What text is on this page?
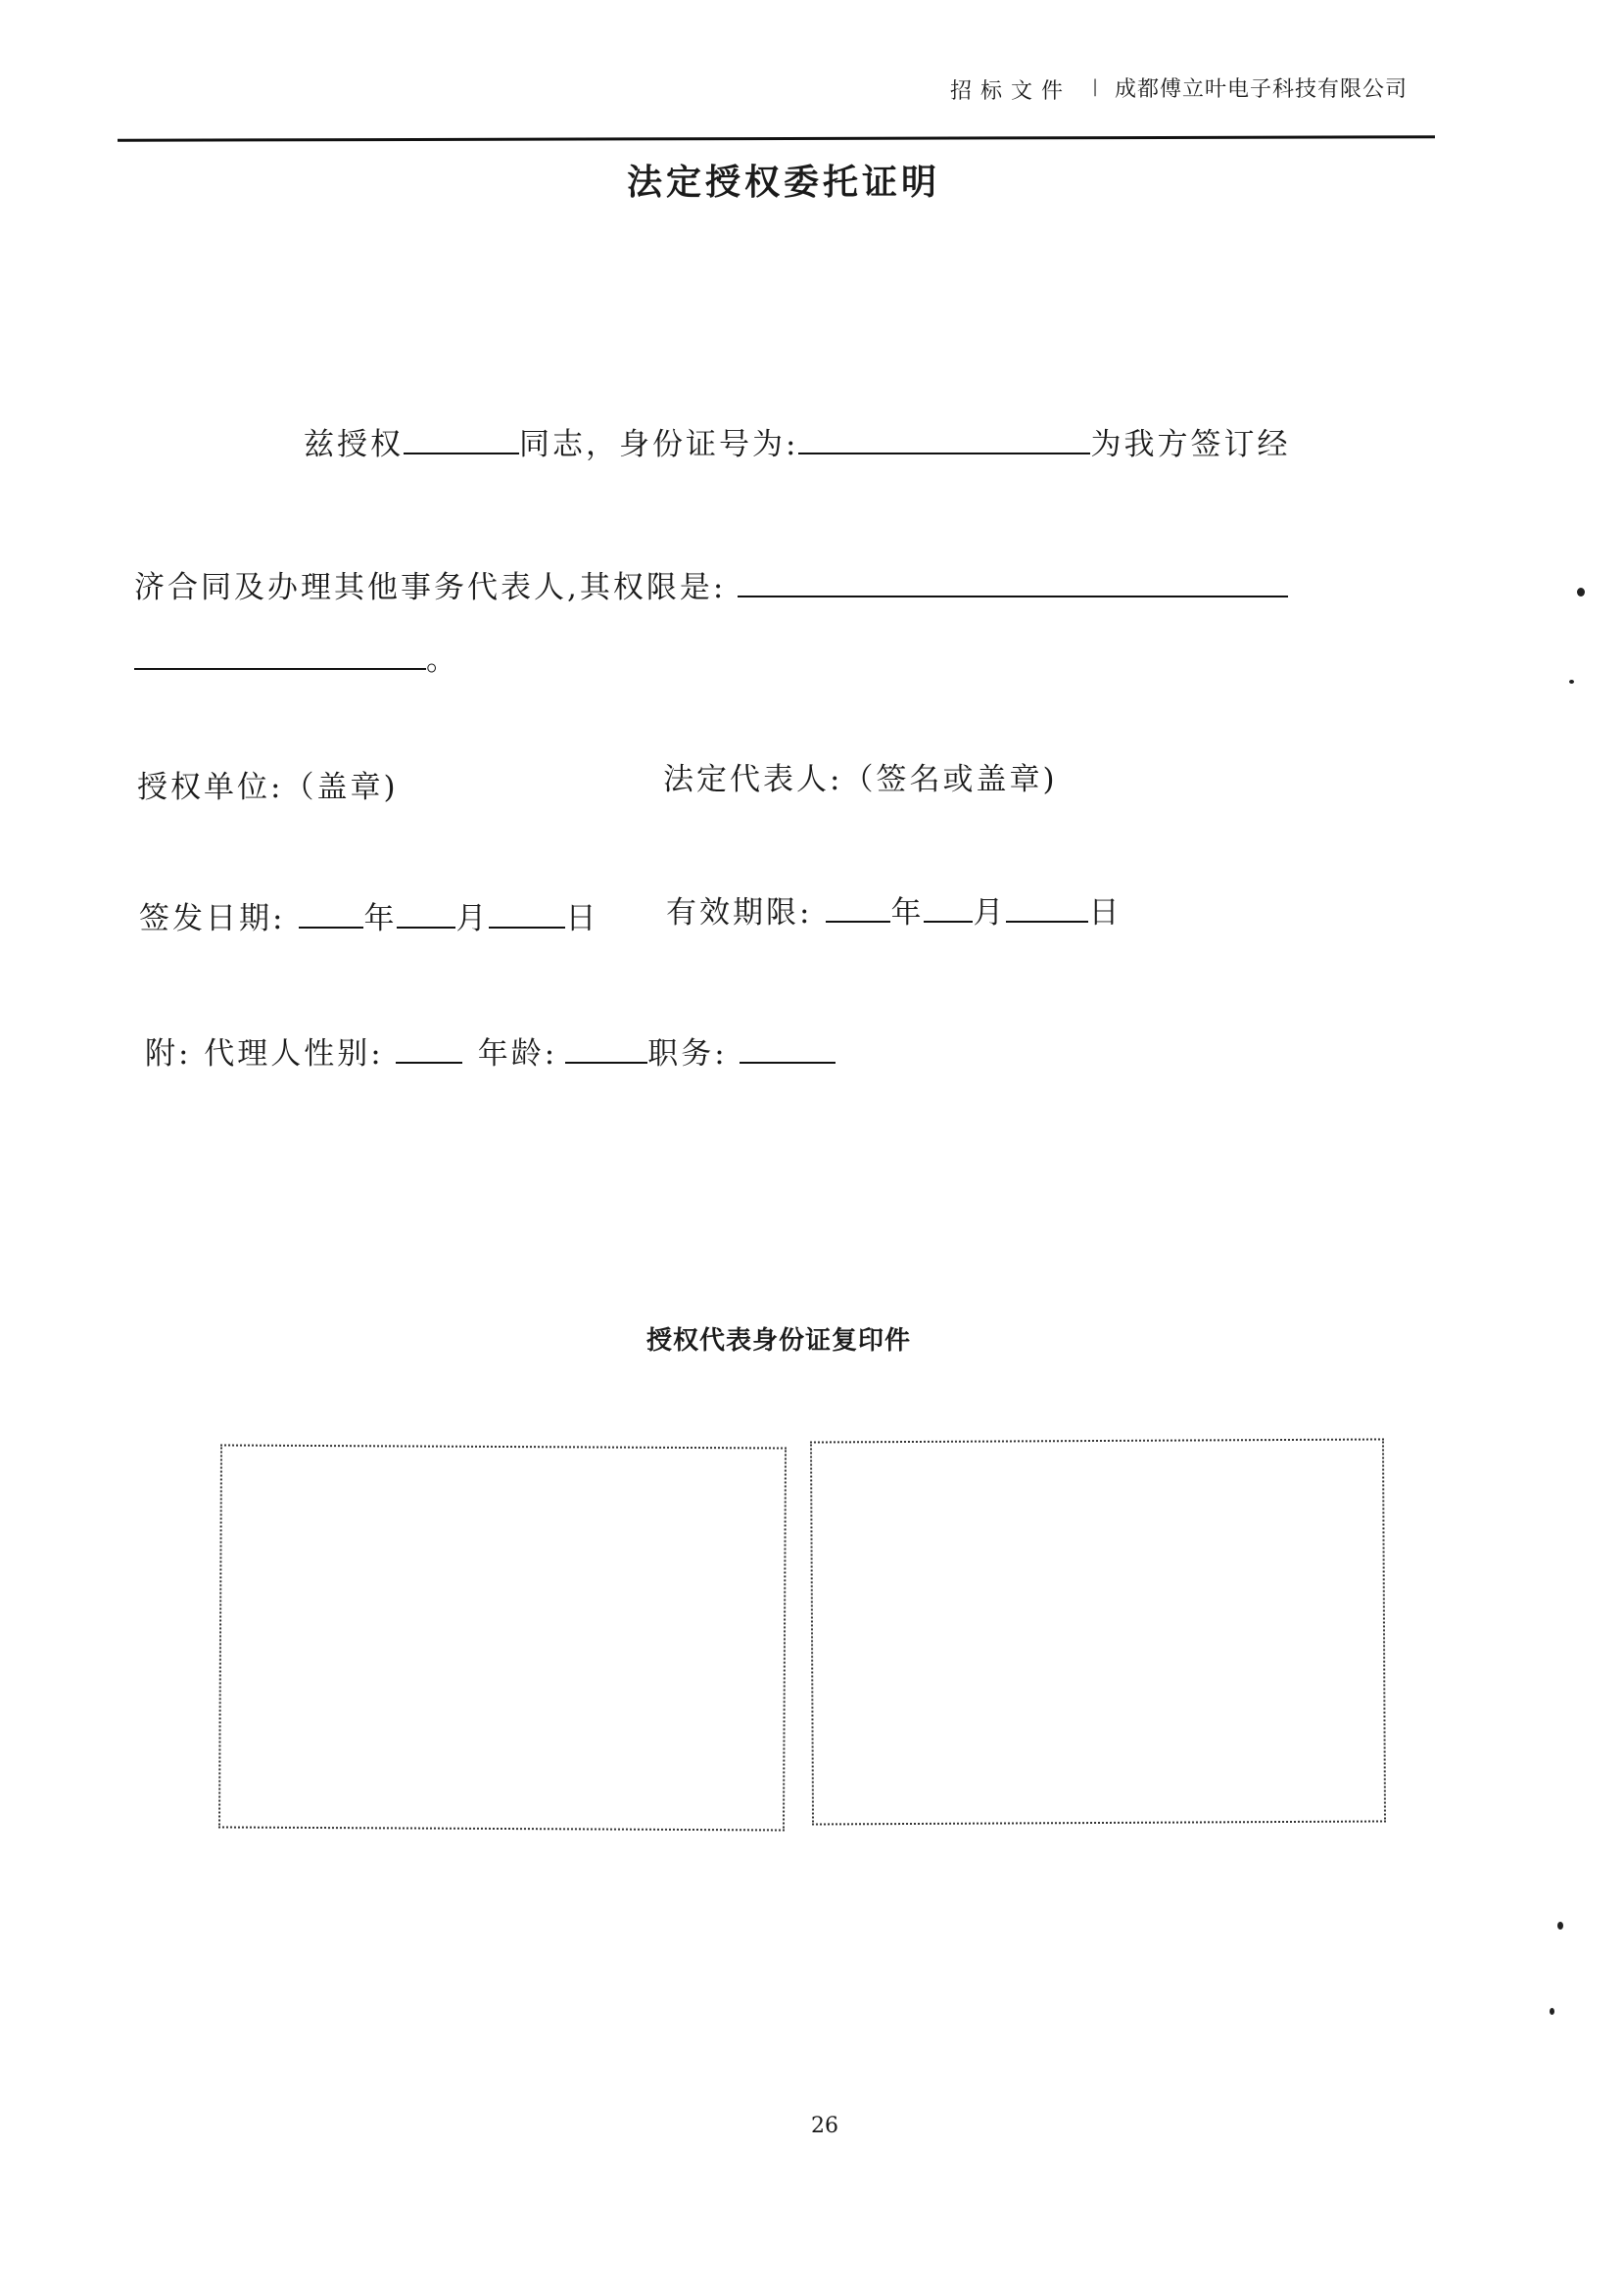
招 标 文 件 | 成都傅立叶电子科技有限公司
法定授权委托证明
兹授权	同志，身份证号为:	为我方签订经
济合同及办理其他事务代表人,其权限是:
。
授权单位:（盖章)	法定代表人:（签名或盖章)
签发日期:	年 月	日 有效期限:	年 月	日
附: 代理人性别:	年龄:	职务:
授权代表身份证复印件
26
